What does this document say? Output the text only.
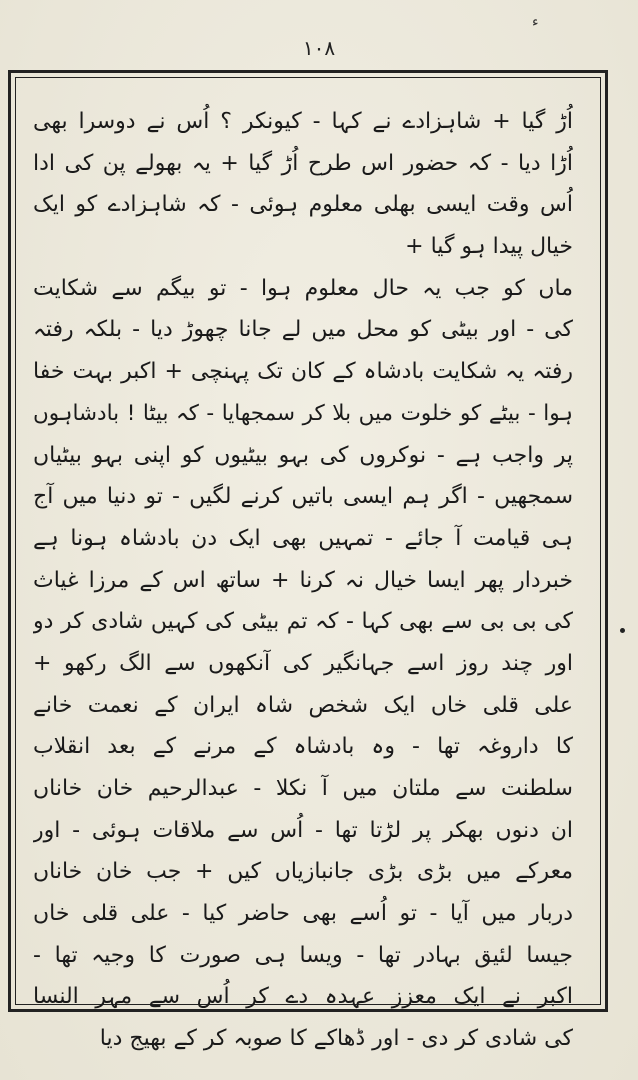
ء
۱۰۸
اُڑ گیا + شاہزادے نے کہا - کیونکر ؟ اُس نے دوسرا بھی
اُڑا دیا - کہ حضور اس طرح اُڑ گیا + یہ بھولے پن کی ادا
اُس وقت ایسی بھلی معلوم ہوئی - کہ شاہزادے کو ایک
خیال پیدا ہو گیا +
ماں کو جب یہ حال معلوم ہوا - تو بیگم سے شکایت
کی - اور بیٹی کو محل میں لے جانا چھوڑ دیا - بلکہ رفتہ
رفتہ یہ شکایت بادشاہ کے کان تک پہنچی + اکبر بہت خفا
ہوا - بیٹے کو خلوت میں بلا کر سمجھایا - کہ بیٹا ! بادشاہوں
پر واجب ہے - نوکروں کی بہو بیٹیوں کو اپنی بہو بیٹیاں
سمجھیں - اگر ہم ایسی باتیں کرنے لگیں - تو دنیا میں آج
ہی قیامت آ جائے - تمہیں بھی ایک دن بادشاہ ہونا ہے
خبردار پھر ایسا خیال نہ کرنا + ساتھ اس کے مرزا غیاث
کی بی بی سے بھی کہا - کہ تم بیٹی کی کہیں شادی کر دو
اور چند روز اسے جہانگیر کی آنکھوں سے الگ رکھو +
علی قلی خاں ایک شخص شاہ ایران کے نعمت خانے
کا داروغہ تھا - وہ بادشاہ کے مرنے کے بعد انقلاب
سلطنت سے ملتان میں آ نکلا - عبدالرحیم خان خاناں
ان دنوں بھکر پر لڑتا تھا - اُس سے ملاقات ہوئی - اور
معرکے میں بڑی بڑی جانبازیاں کیں + جب خان خاناں
دربار میں آیا - تو اُسے بھی حاضر کیا - علی قلی خاں
جیسا لئیق بہادر تھا - ویسا ہی صورت کا وجیہ تھا -
اکبر نے ایک معزز عہدہ دے کر اُس سے مہر النسا
کی شادی کر دی - اور ڈھاکے کا صوبہ کر کے بھیج دیا
